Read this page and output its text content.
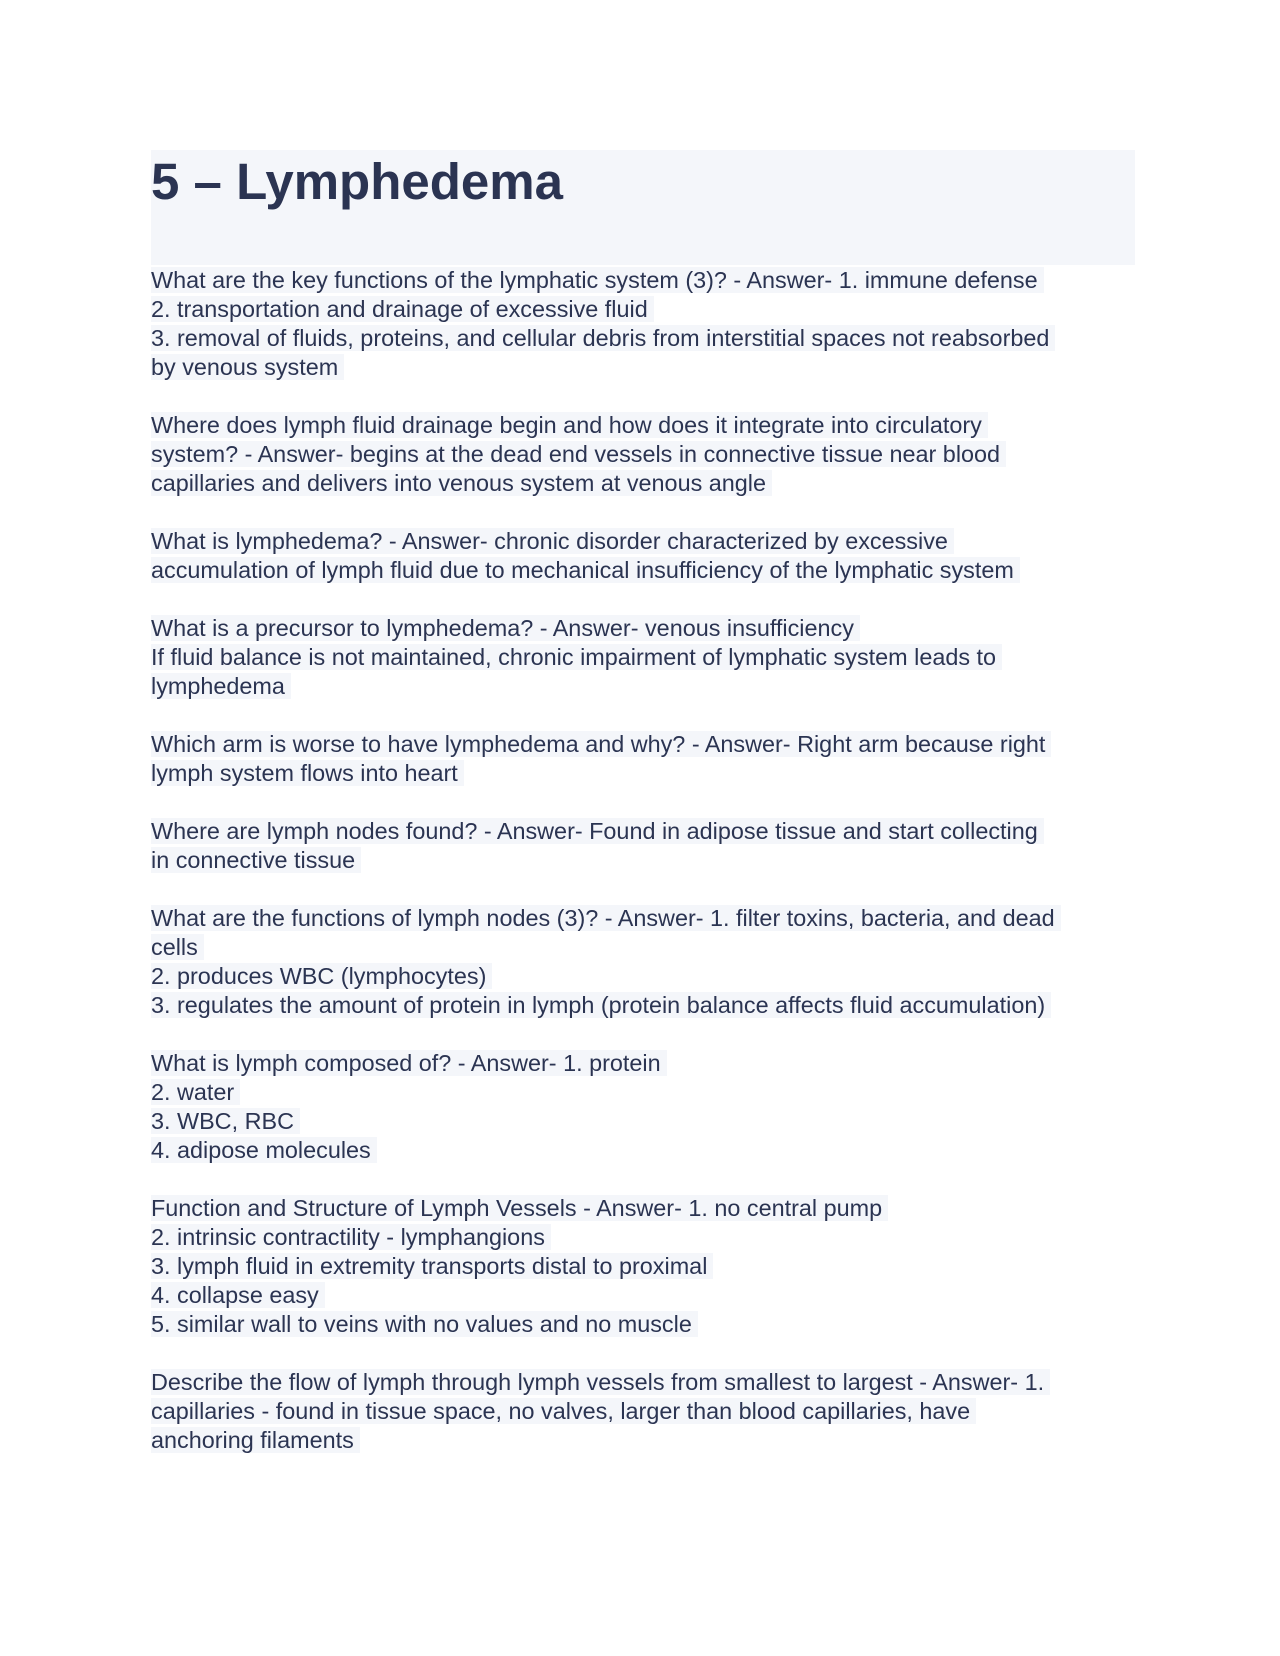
5 – Lymphedema
What are the key functions of the lymphatic system (3)? - Answer- 1. immune defense
2. transportation and drainage of excessive fluid
3. removal of fluids, proteins, and cellular debris from interstitial spaces not reabsorbed
by venous system
Where does lymph fluid drainage begin and how does it integrate into circulatory
system? - Answer- begins at the dead end vessels in connective tissue near blood
capillaries and delivers into venous system at venous angle
What is lymphedema? - Answer- chronic disorder characterized by excessive
accumulation of lymph fluid due to mechanical insufficiency of the lymphatic system
What is a precursor to lymphedema? - Answer- venous insufficiency
If fluid balance is not maintained, chronic impairment of lymphatic system leads to
lymphedema
Which arm is worse to have lymphedema and why? - Answer- Right arm because right
lymph system flows into heart
Where are lymph nodes found? - Answer- Found in adipose tissue and start collecting
in connective tissue
What are the functions of lymph nodes (3)? - Answer- 1. filter toxins, bacteria, and dead
cells
2. produces WBC (lymphocytes)
3. regulates the amount of protein in lymph (protein balance affects fluid accumulation)
What is lymph composed of? - Answer- 1. protein
2. water
3. WBC, RBC
4. adipose molecules
Function and Structure of Lymph Vessels - Answer- 1. no central pump
2. intrinsic contractility - lymphangions
3. lymph fluid in extremity transports distal to proximal
4. collapse easy
5. similar wall to veins with no values and no muscle
Describe the flow of lymph through lymph vessels from smallest to largest - Answer- 1.
capillaries - found in tissue space, no valves, larger than blood capillaries, have
anchoring filaments
